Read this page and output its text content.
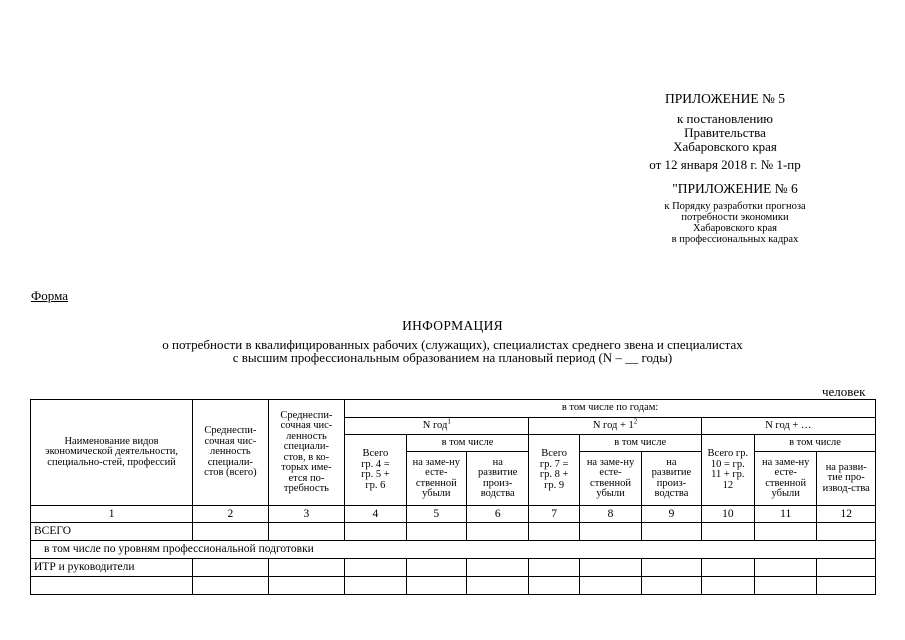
ПРИЛОЖЕНИЕ № 5
к постановлению
Правительства
Хабаровского края
от 12 января 2018 г. № 1-пр
"ПРИЛОЖЕНИЕ № 6
к Порядку разработки прогноза
потребности экономики
Хабаровского края
в профессиональных кадрах
Форма
ИНФОРМАЦИЯ
о потребности в квалифицированных рабочих (служащих), специалистах среднего звена и специалистах
с высшим профессиональным образованием на плановый период (N – __ годы)
человек
Наименование видов экономической деятельности, специально-стей, профессий	Среднеспи-сочная чис-ленность специали-стов (всего)	Среднеспи-сочная чис-ленность специали-стов, в ко-торых име-ется по-требность	в том числе по годам:								
			N год$^1$			N год + $1^2$			N год + …		
			Всего гр. 4 = гр. 5 + гр. 6	в том числе		Всего гр. 7 = гр. 8 + гр. 9	в том числе		Всего гр. 10 = гр. 11 + гр. 12	в том числе	
				на заме-ну есте-ственной убыли	на развитие произ-водства		на заме-ну есте-ственной убыли	на развитие произ-водства		на заме-ну есте-ственной убыли	на разви-тие про-извод-ства
1	2	3	4	5	6	7	8	9	10	11	12
ВСЕГО											
в том числе по уровням профессиональной подготовки											
ИТР и руководители											
